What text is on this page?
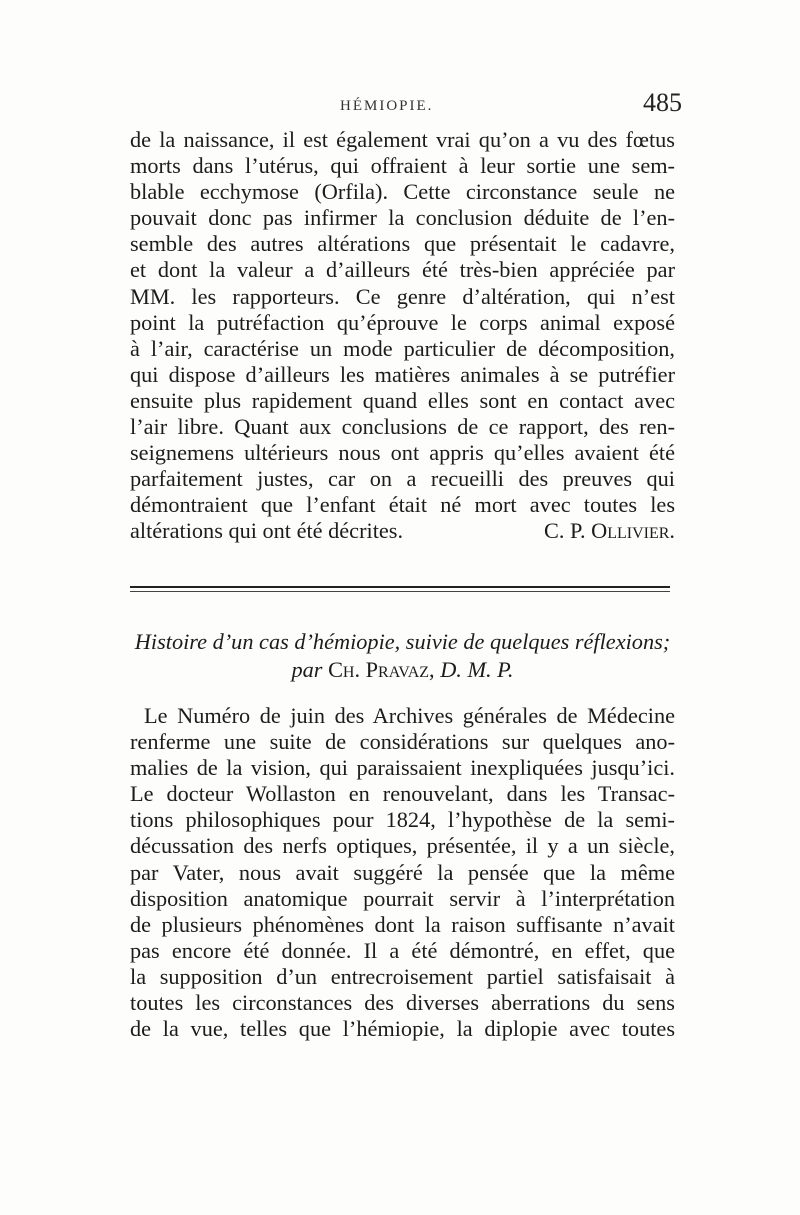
HÉMIOPIE.	485
de la naissance, il est également vrai qu’on a vu des fœtus
morts dans l’utérus, qui offraient à leur sortie une sem-
blable ecchymose (Orfila). Cette circonstance seule ne
pouvait donc pas infirmer la conclusion déduite de l’en-
semble des autres altérations que présentait le cadavre,
et dont la valeur a d’ailleurs été très-bien appréciée par
MM. les rapporteurs. Ce genre d’altération, qui n’est
point la putréfaction qu’éprouve le corps animal exposé
à l’air, caractérise un mode particulier de décomposition,
qui dispose d’ailleurs les matières animales à se putréfier
ensuite plus rapidement quand elles sont en contact avec
l’air libre. Quant aux conclusions de ce rapport, des ren-
seignemens ultérieurs nous ont appris qu’elles avaient été
parfaitement justes, car on a recueilli des preuves qui
démontraient que l’enfant était né mort avec toutes les
altérations qui ont été décrites.	C. P. Ollivier.
Histoire d’un cas d’hémiopie, suivie de quelques réflexions;
par Ch. Pravaz, D. M. P.
Le Numéro de juin des Archives générales de Médecine
renferme une suite de considérations sur quelques ano-
malies de la vision, qui paraissaient inexpliquées jusqu’ici.
Le docteur Wollaston en renouvelant, dans les Transac-
tions philosophiques pour 1824, l’hypothèse de la semi-
décussation des nerfs optiques, présentée, il y a un siècle,
par Vater, nous avait suggéré la pensée que la même
disposition anatomique pourrait servir à l’interprétation
de plusieurs phénomènes dont la raison suffisante n’avait
pas encore été donnée. Il a été démontré, en effet, que
la supposition d’un entrecroisement partiel satisfaisait à
toutes les circonstances des diverses aberrations du sens
de la vue, telles que l’hémiopie, la diplopie avec toutes
